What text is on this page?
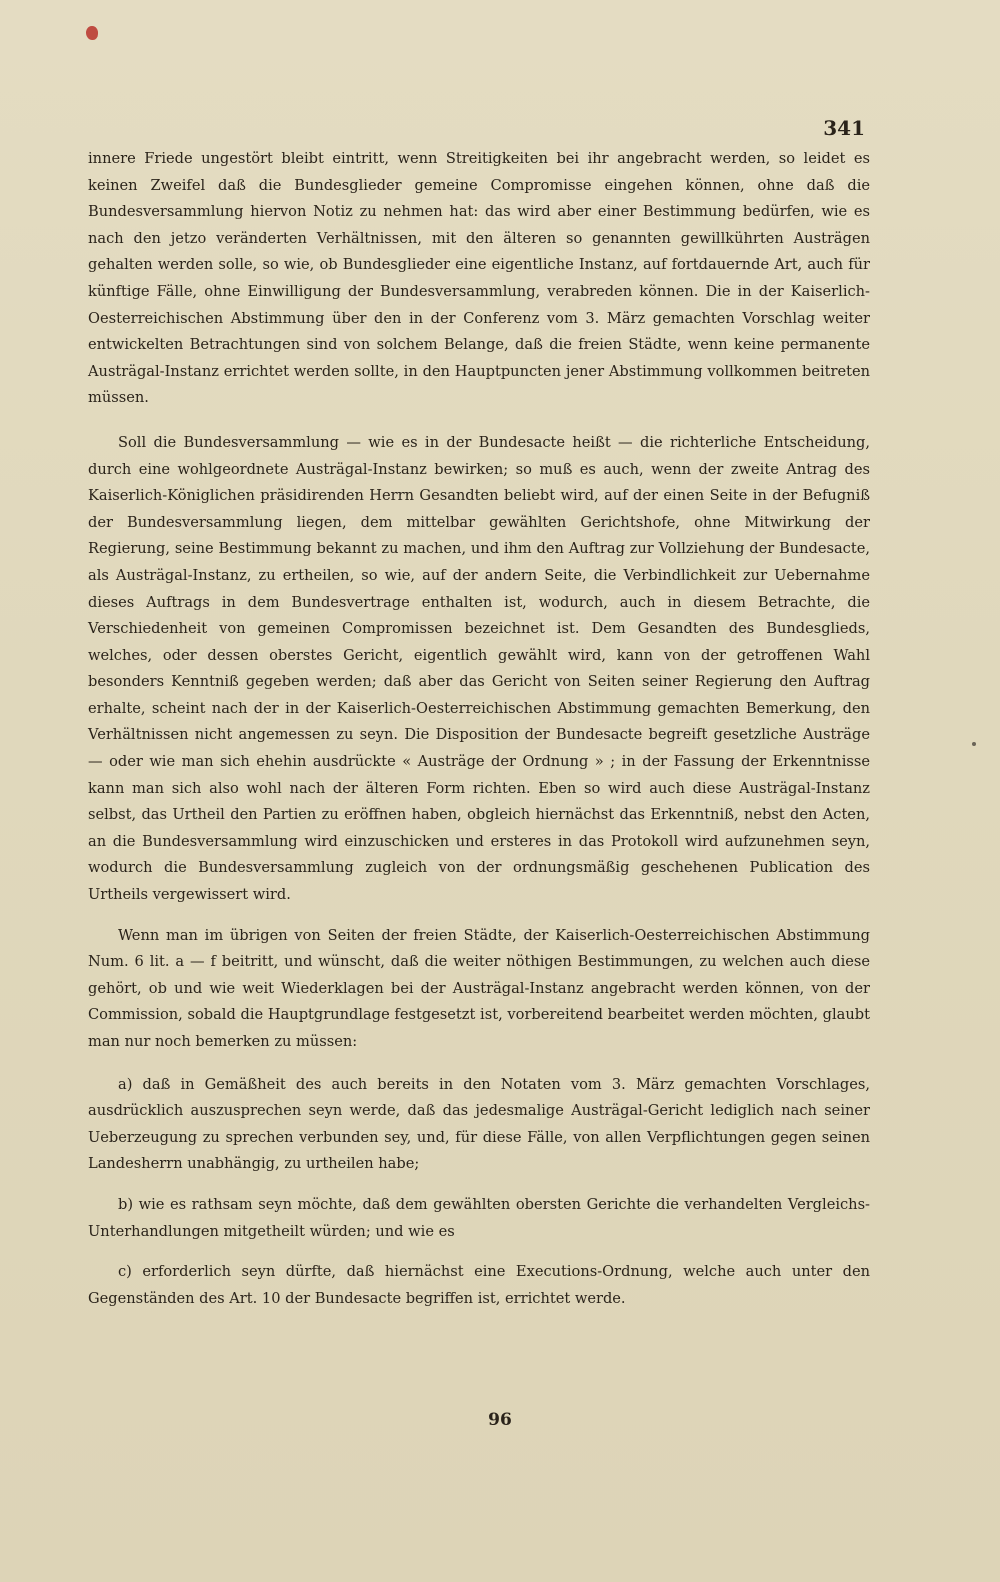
341

innere Friede ungestört bleibt eintritt, wenn Streitigkeiten bei ihr angebracht werden, so leidet es keinen Zweifel daß die Bundesglieder gemeine Compromisse eingehen können, ohne daß die Bundesversammlung hiervon Notiz zu nehmen hat: das wird aber einer Bestimmung bedürfen, wie es nach den jetzo veränderten Verhältnissen, mit den älteren so genannten gewillkührten Austrägen gehalten werden solle, so wie, ob Bundesglieder eine eigentliche Instanz, auf fortdauernde Art, auch für künftige Fälle, ohne Einwilligung der Bundesversammlung, verabreden können. Die in der Kaiserlich-Oesterreichischen Abstimmung über den in der Conferenz vom 3. März gemachten Vorschlag weiter entwickelten Betrachtungen sind von solchem Belange, daß die freien Städte, wenn keine permanente Austrägal-Instanz errichtet werden sollte, in den Hauptpuncten jener Abstimmung vollkommen beitreten müssen.

Soll die Bundesversammlung — wie es in der Bundesacte heißt — die richterliche Entscheidung, durch eine wohlgeordnete Austrägal-Instanz bewirken; so muß es auch, wenn der zweite Antrag des Kaiserlich-Königlichen präsidirenden Herrn Gesandten beliebt wird, auf der einen Seite in der Befugniß der Bundesversammlung liegen, dem mittelbar gewählten Gerichtshofe, ohne Mitwirkung der Regierung, seine Bestimmung bekannt zu machen, und ihm den Auftrag zur Vollziehung der Bundesacte, als Austrägal-Instanz, zu ertheilen, so wie, auf der andern Seite, die Verbindlichkeit zur Uebernahme dieses Auftrags in dem Bundesvertrage enthalten ist, wodurch, auch in diesem Betrachte, die Verschiedenheit von gemeinen Compromissen bezeichnet ist. Dem Gesandten des Bundesglieds, welches, oder dessen oberstes Gericht, eigentlich gewählt wird, kann von der getroffenen Wahl besonders Kenntniß gegeben werden; daß aber das Gericht von Seiten seiner Regierung den Auftrag erhalte, scheint nach der in der Kaiserlich-Oesterreichischen Abstimmung gemachten Bemerkung, den Verhältnissen nicht angemessen zu seyn. Die Disposition der Bundesacte begreift gesetzliche Austräge — oder wie man sich ehehin ausdrückte « Austräge der Ordnung » ; in der Fassung der Erkenntnisse kann man sich also wohl nach der älteren Form richten. Eben so wird auch diese Austrägal-Instanz selbst, das Urtheil den Partien zu eröffnen haben, obgleich hiernächst das Erkenntniß, nebst den Acten, an die Bundesversammlung wird einzuschicken und ersteres in das Protokoll wird aufzunehmen seyn, wodurch die Bundesversammlung zugleich von der ordnungsmäßig geschehenen Publication des Urtheils vergewissert wird.

Wenn man im übrigen von Seiten der freien Städte, der Kaiserlich-Oesterreichischen Abstimmung Num. 6 lit. a — f beitritt, und wünscht, daß die weiter nöthigen Bestimmungen, zu welchen auch diese gehört, ob und wie weit Wiederklagen bei der Austrägal-Instanz angebracht werden können, von der Commission, sobald die Hauptgrundlage festgesetzt ist, vorbereitend bearbeitet werden möchten, glaubt man nur noch bemerken zu müssen:

a) daß in Gemäßheit des auch bereits in den Notaten vom 3. März gemachten Vorschlages, ausdrücklich auszusprechen seyn werde, daß das jedesmalige Austrägal-Gericht lediglich nach seiner Ueberzeugung zu sprechen verbunden sey, und, für diese Fälle, von allen Verpflichtungen gegen seinen Landesherrn unabhängig, zu urtheilen habe;

b) wie es rathsam seyn möchte, daß dem gewählten obersten Gerichte die verhandelten Vergleichs-Unterhandlungen mitgetheilt würden; und wie es

c) erforderlich seyn dürfte, daß hiernächst eine Executions-Ordnung, welche auch unter den Gegenständen des Art. 10 der Bundesacte begriffen ist, errichtet werde.

96
